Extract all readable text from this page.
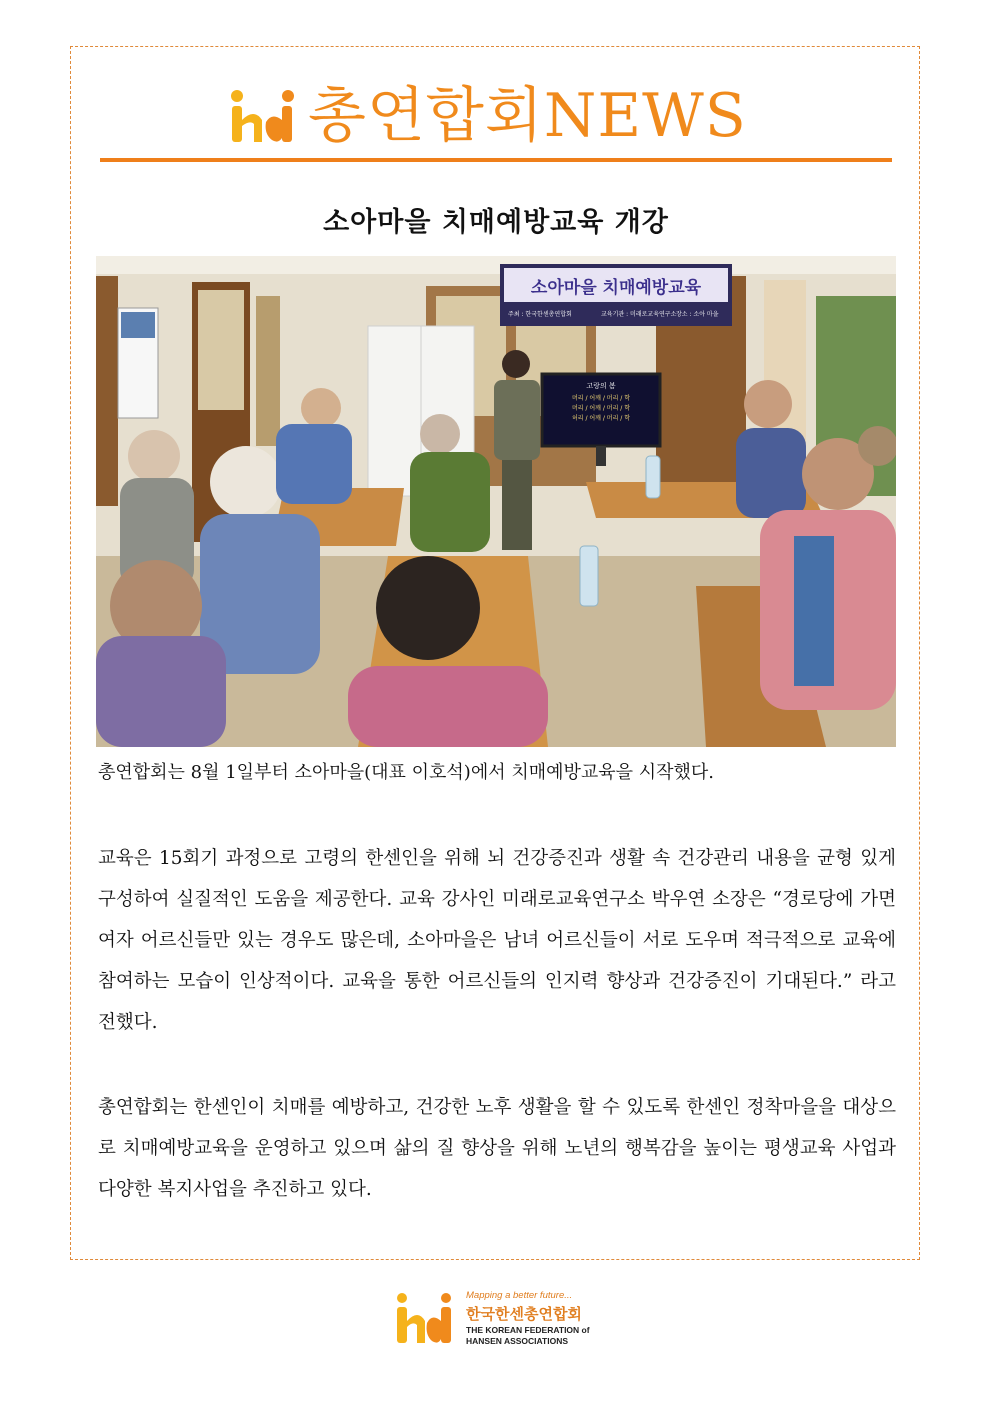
총연합회NEWS
소아마을 치매예방교육 개강
소아마을 치매예방교육
주최 : 한국한센총연합회	교육기관 : 미래로교육연구소 장소 : 소아 마을
고랑의 봄
머리 / 어깨 / 머리 / 학
머리 / 어깨 / 머리 / 학
허리 / 어깨 / 머리 / 학
총연합회는 8월 1일부터 소아마을(대표 이호석)에서 치매예방교육을 시작했다.
교육은 15회기 과정으로 고령의 한센인을 위해 뇌 건강증진과 생활 속 건강관리 내용을 균형 있게 구성하여 실질적인 도움을 제공한다. 교육 강사인 미래로교육연구소 박우연 소장은 “경로당에 가면 여자 어르신들만 있는 경우도 많은데, 소아마을은 남녀 어르신들이 서로 도우며 적극적으로 교육에 참여하는 모습이 인상적이다. 교육을 통한 어르신들의 인지력 향상과 건강증진이 기대된다.” 라고 전했다.
총연합회는 한센인이 치매를 예방하고, 건강한 노후 생활을 할 수 있도록 한센인 정착마을을 대상으로 치매예방교육을 운영하고 있으며 삶의 질 향상을 위해 노년의 행복감을 높이는 평생교육 사업과 다양한 복지사업을 추진하고 있다.
Mapping a better future...
한국한센총연합회
THE KOREAN FEDERATION of
HANSEN ASSOCIATIONS
